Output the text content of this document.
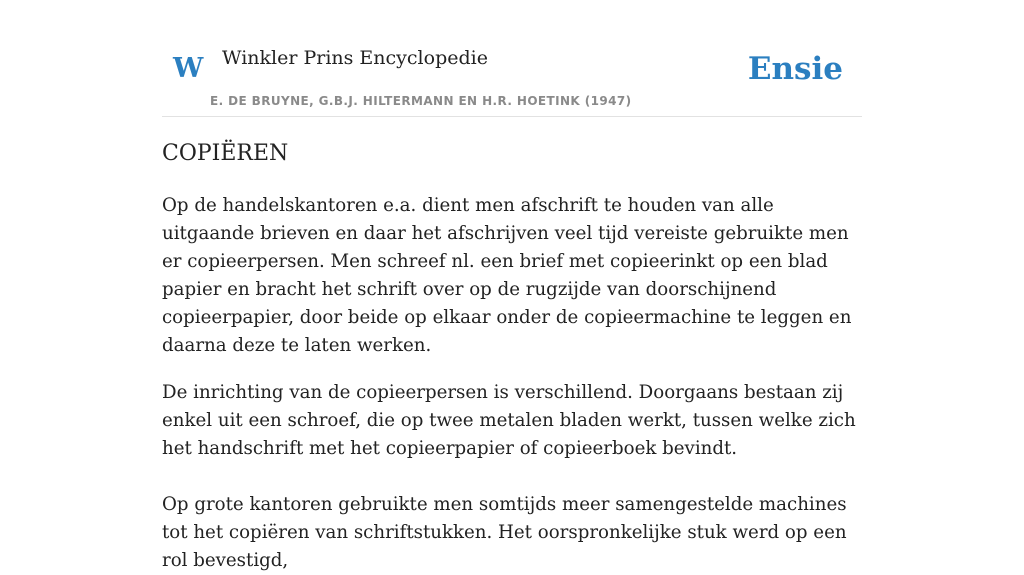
W Winkler Prins Encyclopedie	Ensie
E. DE BRUYNE, G.B.J. HILTERMANN EN H.R. HOETINK (1947)
COPIËREN

Op de handelskantoren e.a. dient men afschrift te houden van alle uitgaande brieven en daar het afschrijven veel tijd vereiste gebruikte men er copieerpersen. Men schreef nl. een brief met copieerinkt op een blad papier en bracht het schrift over op de rugzijde van doorschijnend copieerpapier, door beide op elkaar onder de copieermachine te leggen en daarna deze te laten werken.

De inrichting van de copieerpersen is verschillend. Doorgaans bestaan zij enkel uit een schroef, die op twee metalen bladen werkt, tussen welke zich het handschrift met het copieerpapier of copieerboek bevindt.

Op grote kantoren gebruikte men somtijds meer samengestelde machines tot het copiëren van schriftstukken. Het oorspronkelijke stuk werd op een rol bevestigd,
